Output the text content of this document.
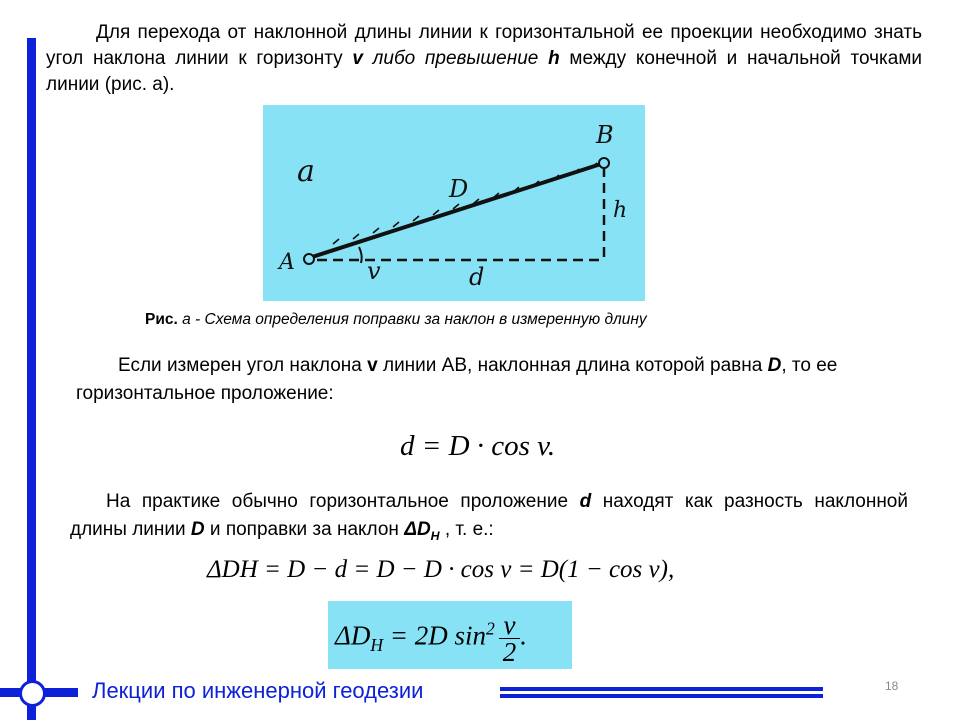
Для перехода от наклонной длины линии к горизонтальной ее проекции необходимо знать угол наклона линии к горизонту v либо превышение h между конечной и начальной точками линии (рис. а).
a
A
B
D
h
v	d
Рис. а - Схема определения поправки за наклон в измеренную длину
Если измерен угол наклона v линии АВ, наклонная длина которой равна D, то ее горизонтальное проложение:
d = D · cos v.
На практике обычно горизонтальное проложение d находят как разность наклонной длины линии D и поправки за наклон $\Delta D_H$ , т. е.:
ΔDH = D − d = D − D · cos v = D(1 − cos v),
$\Delta D_H = 2D$ $\sin^2 \frac{v}{2}$ .
Лекции по инженерной геодезии	18
